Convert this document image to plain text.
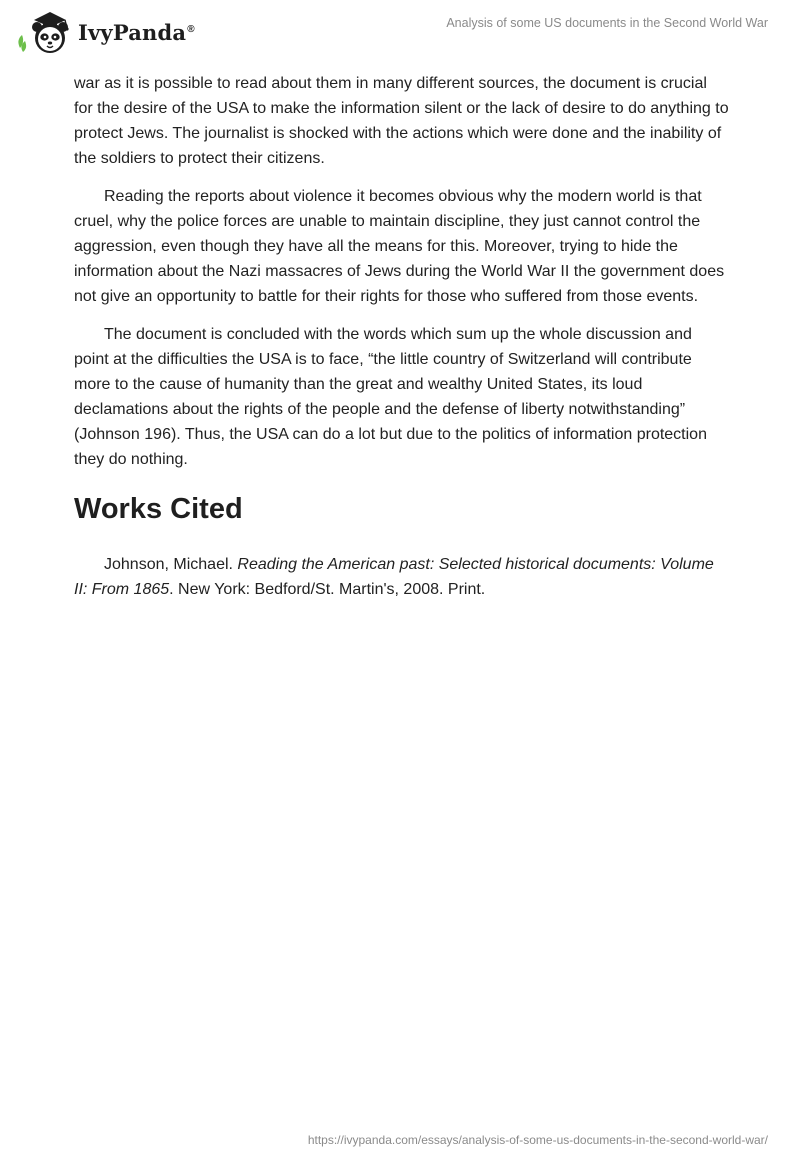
IvyPanda®	Analysis of some US documents in the Second World War

war as it is possible to read about them in many different sources, the document is crucial for the desire of the USA to make the information silent or the lack of desire to do anything to protect Jews. The journalist is shocked with the actions which were done and the inability of the soldiers to protect their citizens.

Reading the reports about violence it becomes obvious why the modern world is that cruel, why the police forces are unable to maintain discipline, they just cannot control the aggression, even though they have all the means for this. Moreover, trying to hide the information about the Nazi massacres of Jews during the World War II the government does not give an opportunity to battle for their rights for those who suffered from those events.

The document is concluded with the words which sum up the whole discussion and point at the difficulties the USA is to face, “the little country of Switzerland will contribute more to the cause of humanity than the great and wealthy United States, its loud declamations about the rights of the people and the defense of liberty notwithstanding” (Johnson 196). Thus, the USA can do a lot but due to the politics of information protection they do nothing.

Works Cited

Johnson, Michael. Reading the American past: Selected historical documents: Volume II: From 1865. New York: Bedford/St. Martin's, 2008. Print.

https://ivypanda.com/essays/analysis-of-some-us-documents-in-the-second-world-war/
